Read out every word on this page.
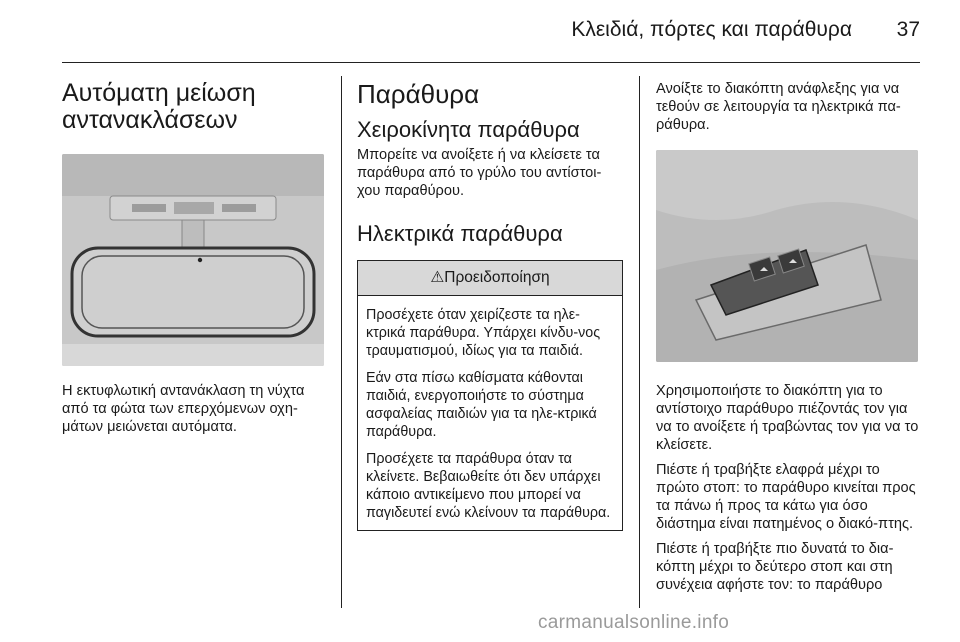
Κλειδιά, πόρτες και παράθυρα 37
Αυτόματη μείωση αντανακλάσεων

Η εκτυφλωτική αντανάκλαση τη νύχτα από τα φώτα των επερχόμενων οχη-μάτων μειώνεται αυτόματα.

Παράθυρα
Χειροκίνητα παράθυρα

Μπορείτε να ανοίξετε ή να κλείσετε τα παράθυρα από το γρύλο του αντίστοι-χου παραθύρου.

Ηλεκτρικά παράθυρα
⚠Προειδοποίηση

Προσέχετε όταν χειρίζεστε τα ηλε-κτρικά παράθυρα. Υπάρχει κίνδυ-νος τραυματισμού, ιδίως για τα παιδιά.

Εάν στα πίσω καθίσματα κάθονται παιδιά, ενεργοποιήστε το σύστημα ασφαλείας παιδιών για τα ηλε-κτρικά παράθυρα.

Προσέχετε τα παράθυρα όταν τα κλείνετε. Βεβαιωθείτε ότι δεν υπάρχει κάποιο αντικείμενο που μπορεί να παγιδευτεί ενώ κλείνουν τα παράθυρα.

Ανοίξτε το διακόπτη ανάφλεξης για να τεθούν σε λειτουργία τα ηλεκτρικά πα-ράθυρα.

Χρησιμοποιήστε το διακόπτη για το αντίστοιχο παράθυρο πιέζοντάς τον για να το ανοίξετε ή τραβώντας τον για να το κλείσετε.

Πιέστε ή τραβήξτε ελαφρά μέχρι το πρώτο στοπ: το παράθυρο κινείται προς τα πάνω ή προς τα κάτω για όσο διάστημα είναι πατημένος ο διακό-πτης.

Πιέστε ή τραβήξτε πιο δυνατά το δια-κόπτη μέχρι το δεύτερο στοπ και στη συνέχεια αφήστε τον: το παράθυρο

carmanualsonline.info
